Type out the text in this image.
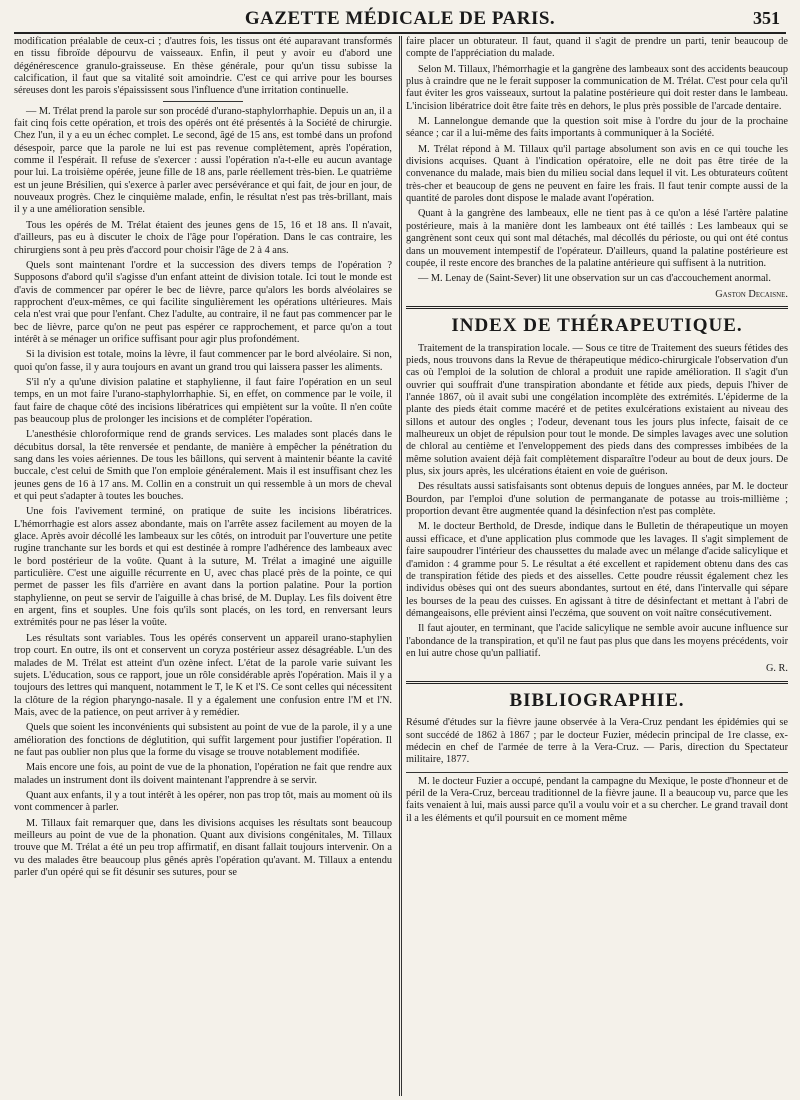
GAZETTE MÉDICALE DE PARIS.	351

modification préalable de ceux-ci ; d'autres fois, les tissus ont été auparavant transformés en tissu fibroïde dépourvu de vaisseaux. Enfin, il peut y avoir eu d'abord une dégénérescence granulo-graisseuse. En thèse générale, pour qu'un tissu subisse la calcification, il faut que sa vitalité soit amoindrie. C'est ce qui arrive pour les bourses séreuses dont les parois s'épaississent sous l'influence d'une irritation continuelle.

— M. Trélat prend la parole sur son procédé d'urano-staphylorrhaphie. Depuis un an, il a fait cinq fois cette opération, et trois des opérés ont été présentés à la Société de chirurgie. Chez l'un, il y a eu un échec complet. Le second, âgé de 15 ans, est tombé dans un profond désespoir, parce que la parole ne lui est pas revenue complètement, après l'opération, comme il l'espérait. Il refuse de s'exercer : aussi l'opération n'a-t-elle eu aucun avantage pour lui. La troisième opérée, jeune fille de 18 ans, parle réellement très-bien. Le quatrième est un jeune Brésilien, qui s'exerce à parler avec persévérance et qui fait, de jour en jour, de nouveaux progrès. Chez le cinquième malade, enfin, le résultat n'est pas très-brillant, mais il y a une amélioration sensible.

Tous les opérés de M. Trélat étaient des jeunes gens de 15, 16 et 18 ans. Il n'avait, d'ailleurs, pas eu à discuter le choix de l'âge pour l'opération. Dans le cas contraire, les chirurgiens sont à peu près d'accord pour choisir l'âge de 2 à 4 ans.

Quels sont maintenant l'ordre et la succession des divers temps de l'opération ? Supposons d'abord qu'il s'agisse d'un enfant atteint de division totale. Ici tout le monde est d'avis de commencer par opérer le bec de lièvre, parce qu'alors les bords alvéolaires se rapprochent d'eux-mêmes, ce qui facilite singulièrement les opérations ultérieures. Mais cela n'est vrai que pour l'enfant. Chez l'adulte, au contraire, il ne faut pas commencer par le bec de lièvre, parce qu'on ne peut pas espérer ce rapprochement, et parce qu'on a tout intérêt à se ménager un orifice suffisant pour agir plus profondément.

Si la division est totale, moins la lèvre, il faut commencer par le bord alvéolaire. Si non, quoi qu'on fasse, il y aura toujours en avant un grand trou qui laissera passer les aliments.

S'il n'y a qu'une division palatine et staphylienne, il faut faire l'opération en un seul temps, en un mot faire l'urano-staphylorrhaphie. Si, en effet, on commence par le voile, il faut faire de chaque côté des incisions libératrices qui empiètent sur la voûte. Il n'en coûte pas beaucoup plus de prolonger les incisions et de compléter l'opération.

L'anesthésie chloroformique rend de grands services. Les malades sont placés dans le décubitus dorsal, la tête renversée et pendante, de manière à empêcher la pénétration du sang dans les voies aériennes. De tous les bâillons, qui servent à maintenir béante la cavité buccale, c'est celui de Smith que l'on emploie généralement. Mais il est insuffisant chez les jeunes gens de 16 à 17 ans. M. Collin en a construit un qui ressemble à un mors de cheval et qui peut s'adapter à toutes les bouches.

Une fois l'avivement terminé, on pratique de suite les incisions libératrices. L'hémorrhagie est alors assez abondante, mais on l'arrête assez facilement au moyen de la glace. Après avoir décollé les lambeaux sur les côtés, on introduit par l'ouverture une petite rugine tranchante sur les bords et qui est destinée à rompre l'adhérence des lambeaux avec le bord postérieur de la voûte. Quant à la suture, M. Trélat a imaginé une aiguille particulière. C'est une aiguille récurrente en U, avec chas placé près de la pointe, ce qui permet de passer les fils d'arrière en avant dans la portion palatine. Pour la portion staphylienne, on peut se servir de l'aiguille à chas brisé, de M. Duplay. Les fils doivent être en argent, fins et souples. Une fois qu'ils sont placés, on les tord, en renversant leurs extrémités pour ne pas léser la voûte.

Les résultats sont variables. Tous les opérés conservent un appareil urano-staphylien trop court. En outre, ils ont et conservent un coryza postérieur assez désagréable. L'un des malades de M. Trélat est atteint d'un ozène infect. L'état de la parole varie suivant les sujets. L'éducation, sous ce rapport, joue un rôle considérable après l'opération. Mais il y a toujours des lettres qui manquent, notamment le T, le K et l'S. Ce sont celles qui nécessitent la clôture de la région pharyngo-nasale. Il y a également une confusion entre l'M et l'N. Mais, avec de la patience, on peut arriver à y remédier.

Quels que soient les inconvénients qui subsistent au point de vue de la parole, il y a une amélioration des fonctions de déglutition, qui suffit largement pour justifier l'opération. Il ne faut pas oublier non plus que la forme du visage se trouve notablement modifiée.

Mais encore une fois, au point de vue de la phonation, l'opération ne fait que rendre aux malades un instrument dont ils doivent maintenant l'apprendre à se servir.

Quant aux enfants, il y a tout intérêt à les opérer, non pas trop tôt, mais au moment où ils vont commencer à parler.

M. Tillaux fait remarquer que, dans les divisions acquises les résultats sont beaucoup meilleurs au point de vue de la phonation. Quant aux divisions congénitales, M. Tillaux trouve que M. Trélat a été un peu trop affirmatif, en disant fallait toujours intervenir. On a vu des malades être beaucoup plus gênés après l'opération qu'avant. M. Tillaux a entendu parler d'un opéré qui se fit désunir ses sutures, pour se

faire placer un obturateur. Il faut, quand il s'agit de prendre un parti, tenir beaucoup de compte de l'appréciation du malade.

Selon M. Tillaux, l'hémorrhagie et la gangrène des lambeaux sont des accidents beaucoup plus à craindre que ne le ferait supposer la communication de M. Trélat. C'est pour cela qu'il faut éviter les gros vaisseaux, surtout la palatine postérieure qui doit rester dans le lambeau. L'incision libératrice doit être faite très en dehors, le plus près possible de l'arcade dentaire.

M. Lannelongue demande que la question soit mise à l'ordre du jour de la prochaine séance ; car il a lui-même des faits importants à communiquer à la Société.

M. Trélat répond à M. Tillaux qu'il partage absolument son avis en ce qui touche les divisions acquises. Quant à l'indication opératoire, elle ne doit pas être tirée de la convenance du malade, mais bien du milieu social dans lequel il vit. Les obturateurs coûtent très-cher et beaucoup de gens ne peuvent en faire les frais. Il faut tenir compte aussi de la quantité de paroles dont dispose le malade avant l'opération.

Quant à la gangrène des lambeaux, elle ne tient pas à ce qu'on a lésé l'artère palatine postérieure, mais à la manière dont les lambeaux ont été taillés : Les lambeaux qui se gangrènent sont ceux qui sont mal détachés, mal décollés du périoste, ou qui ont été contus dans un mouvement intempestif de l'opérateur. D'ailleurs, quand la palatine postérieure est coupée, il reste encore des branches de la palatine antérieure qui suffisent à la nutrition.

— M. Lenay de (Saint-Sever) lit une observation sur un cas d'accouchement anormal.

Gaston Decaisne.

INDEX DE THÉRAPEUTIQUE.

Traitement de la transpiration locale. — Sous ce titre de Traitement des sueurs fétides des pieds, nous trouvons dans la Revue de thérapeutique médico-chirurgicale l'observation d'un cas où l'emploi de la solution de chloral a produit une rapide amélioration. Il s'agit d'un ouvrier qui souffrait d'une transpiration abondante et fétide aux pieds, depuis l'hiver de l'année 1867, où il avait subi une congélation incomplète des extrémités. L'épiderme de la plante des pieds était comme macéré et de petites exulcérations existaient au niveau des sillons et autour des ongles ; l'odeur, devenant tous les jours plus infecte, faisait de ce malheureux un objet de répulsion pour tout le monde. De simples lavages avec une solution de chloral au centième et l'enveloppement des pieds dans des compresses imbibées de la même solution avaient déjà fait complètement disparaître l'odeur au bout de deux jours. De plus, six jours après, les ulcérations étaient en voie de guérison.

Des résultats aussi satisfaisants sont obtenus depuis de longues années, par M. le docteur Bourdon, par l'emploi d'une solution de permanganate de potasse au trois-millième ; proportion devant être augmentée quand la désinfection n'est pas complète.

M. le docteur Berthold, de Dresde, indique dans le Bulletin de thérapeutique un moyen aussi efficace, et d'une application plus commode que les lavages. Il s'agit simplement de faire saupoudrer l'intérieur des chaussettes du malade avec un mélange d'acide salicylique et d'amidon : 4 gramme pour 5. Le résultat a été excellent et rapidement obtenu dans des cas de transpiration fétide des pieds et des aisselles. Cette poudre réussit également chez les individus obèses qui ont des sueurs abondantes, surtout en été, dans l'intervalle qui sépare les bourses de la peau des cuisses. En agissant à titre de désinfectant et mettant à l'abri de démangeaisons, elle prévient ainsi l'eczéma, que souvent on voit naître consécutivement.

Il faut ajouter, en terminant, que l'acide salicylique ne semble avoir aucune influence sur l'abondance de la transpiration, et qu'il ne faut pas plus que dans les moyens précédents, voir en lui autre chose qu'un palliatif.

G. R.

BIBLIOGRAPHIE.

Résumé d'études sur la fièvre jaune observée à la Vera-Cruz pendant les épidémies qui se sont succédé de 1862 à 1867 ; par le docteur Fuzier, médecin principal de 1re classe, ex-médecin en chef de l'armée de terre à la Vera-Cruz. — Paris, direction du Spectateur militaire, 1877.

M. le docteur Fuzier a occupé, pendant la campagne du Mexique, le poste d'honneur et de péril de la Vera-Cruz, berceau traditionnel de la fièvre jaune. Il a beaucoup vu, parce que les faits venaient à lui, mais aussi parce qu'il a voulu voir et a su chercher. Le grand travail dont il a les éléments et qu'il poursuit en ce moment même
